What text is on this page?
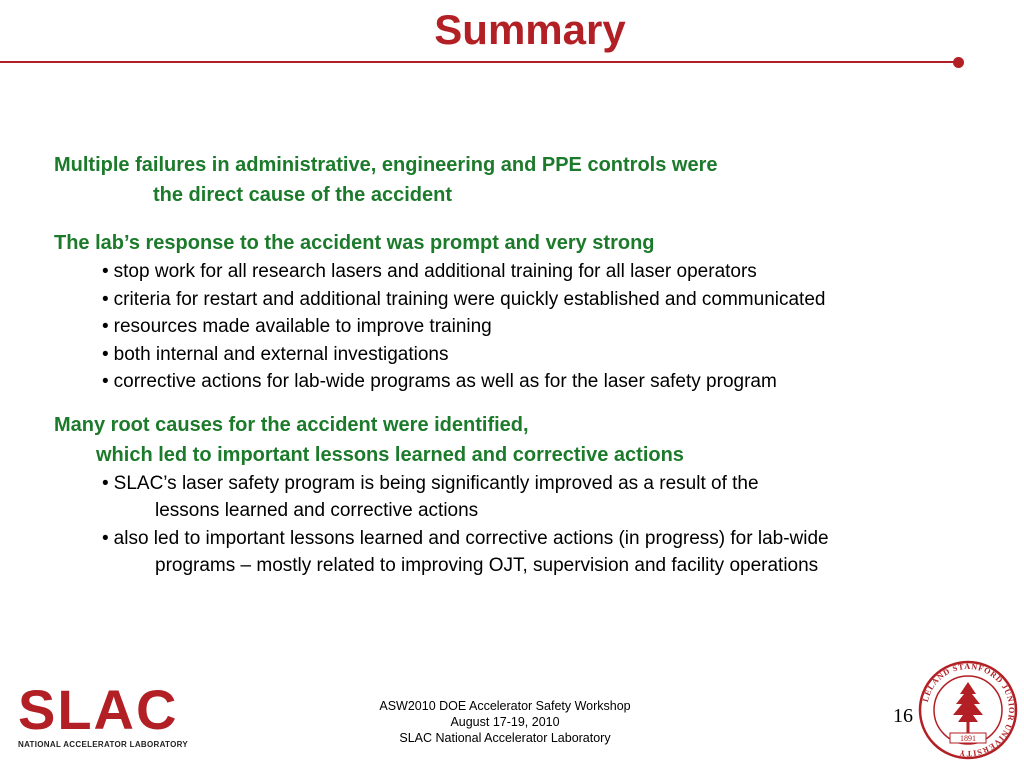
Summary
Multiple failures in administrative, engineering and PPE controls were
the direct cause of the accident
The lab’s response to the accident was prompt and very strong
• stop work for all research lasers and additional training for all laser operators
• criteria for restart and additional training were quickly established and communicated
• resources made available to improve training
• both internal and external investigations
• corrective actions for lab-wide programs as well as for the laser safety program
Many root causes for the accident were identified,
which led to important lessons learned and corrective actions
• SLAC’s laser safety program is being significantly improved as a result of the
lessons learned and corrective actions
• also led to important lessons learned and corrective actions (in progress) for lab-wide
programs – mostly related to improving OJT, supervision and facility operations
SLAC
NATIONAL ACCELERATOR LABORATORY
ASW2010 DOE Accelerator Safety Workshop
August 17-19, 2010
SLAC National Accelerator Laboratory
16
LELAND STANFORD JUNIOR UNIVERSITY
1891
